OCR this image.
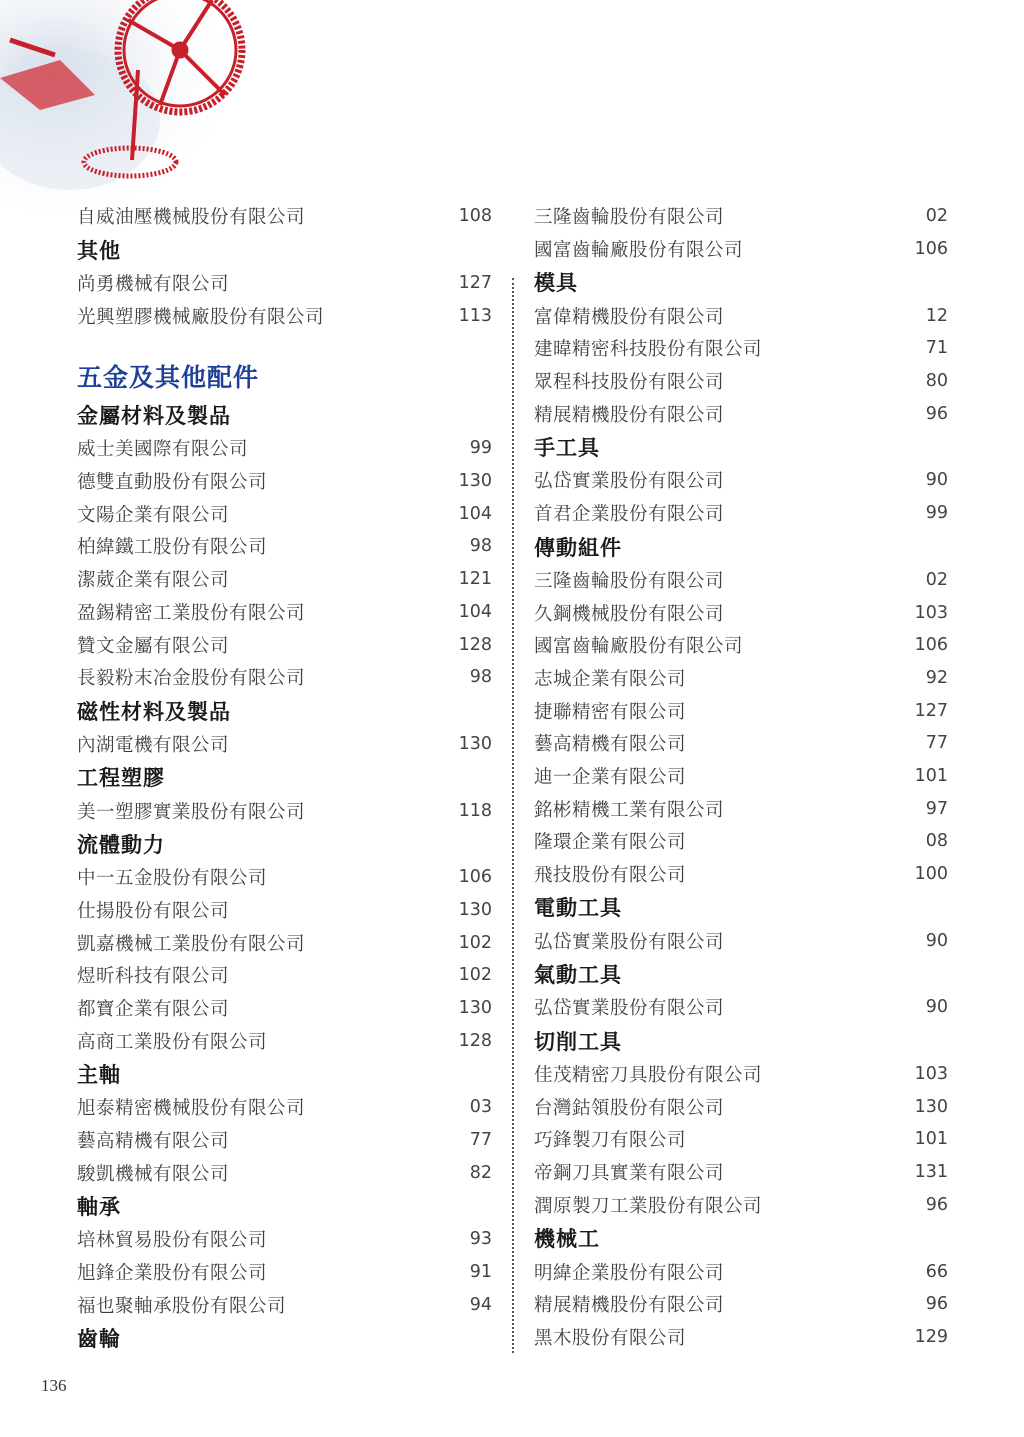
自威油壓機械股份有限公司	108
其他
尚勇機械有限公司	127
光興塑膠機械廠股份有限公司	113
五金及其他配件
金屬材料及製品
威士美國際有限公司	99
德雙直動股份有限公司	130
文陽企業有限公司	104
柏緯鐵工股份有限公司	98
潔葳企業有限公司	121
盈錫精密工業股份有限公司	104
贊文金屬有限公司	128
長毅粉末冶金股份有限公司	98
磁性材料及製品
內湖電機有限公司	130
工程塑膠
美一塑膠實業股份有限公司	118
流體動力
中一五金股份有限公司	106
仕揚股份有限公司	130
凱嘉機械工業股份有限公司	102
煜昕科技有限公司	102
都寶企業有限公司	130
高商工業股份有限公司	128
主軸
旭泰精密機械股份有限公司	03
藝高精機有限公司	77
駿凱機械有限公司	82
軸承
培林貿易股份有限公司	93
旭鋒企業股份有限公司	91
福也聚軸承股份有限公司	94
齒輪
三隆齒輪股份有限公司	02
國富齒輪廠股份有限公司	106
模具
富偉精機股份有限公司	12
建暐精密科技股份有限公司	71
眾程科技股份有限公司	80
精展精機股份有限公司	96
手工具
弘岱實業股份有限公司	90
首君企業股份有限公司	99
傳動組件
三隆齒輪股份有限公司	02
久鋼機械股份有限公司	103
國富齒輪廠股份有限公司	106
志城企業有限公司	92
捷聯精密有限公司	127
藝高精機有限公司	77
迪一企業有限公司	101
銘彬精機工業有限公司	97
隆環企業有限公司	08
飛技股份有限公司	100
電動工具
弘岱實業股份有限公司	90
氣動工具
弘岱實業股份有限公司	90
切削工具
佳茂精密刀具股份有限公司	103
台灣鈷領股份有限公司	130
巧鋒製刀有限公司	101
帝鋼刀具實業有限公司	131
潤原製刀工業股份有限公司	96
機械工
明緯企業股份有限公司	66
精展精機股份有限公司	96
黑木股份有限公司	129
136
